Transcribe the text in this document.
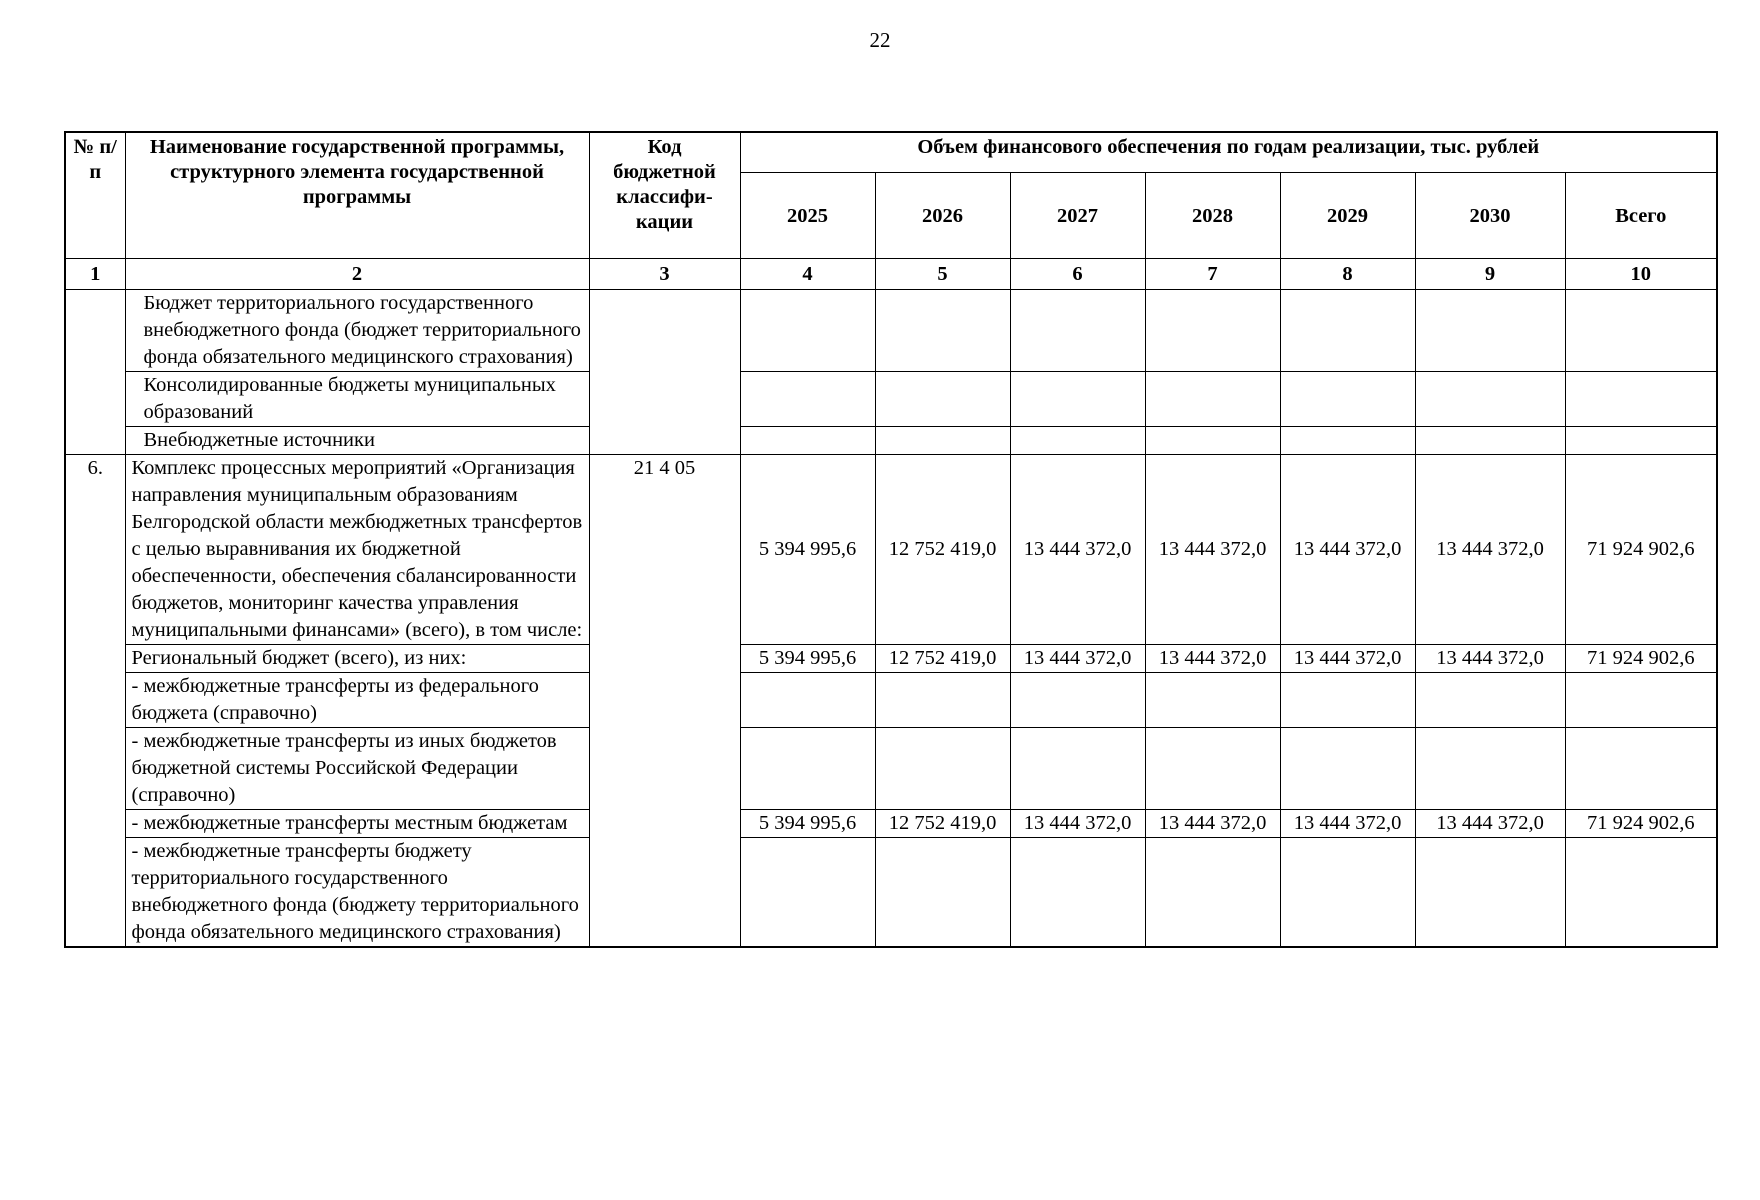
22
№ п/п	Наименование государственной программы, структурного элемента государственной программы	Код бюджетной классифи-кации	Объем финансового обеспечения по годам реализации, тыс. рублей						
			2025	2026	2027	2028	2029	2030	Всего
1	2	3	4	5	6	7	8	9	10
	Бюджет территориального государственного внебюджетного фонда (бюджет территориального фонда обязательного медицинского страхования)								
	Консолидированные бюджеты муниципальных образований								
	Внебюджетные источники								
6.	Комплекс процессных мероприятий «Организация направления муниципальным образованиям Белгородской области межбюджетных трансфертов с целью выравнивания их бюджетной обеспеченности, обеспечения сбалансированности бюджетов, мониторинг качества управления муниципальными финансами» (всего), в том числе:	21 4 05	5 394 995,6	12 752 419,0	13 444 372,0	13 444 372,0	13 444 372,0	13 444 372,0	71 924 902,6
	Региональный бюджет (всего), из них:		5 394 995,6	12 752 419,0	13 444 372,0	13 444 372,0	13 444 372,0	13 444 372,0	71 924 902,6
	- межбюджетные трансферты из федерального бюджета (справочно)								
	- межбюджетные трансферты из иных бюджетов бюджетной системы Российской Федерации (справочно)								
	- межбюджетные трансферты местным бюджетам		5 394 995,6	12 752 419,0	13 444 372,0	13 444 372,0	13 444 372,0	13 444 372,0	71 924 902,6
	- межбюджетные трансферты бюджету территориального государственного внебюджетного фонда (бюджету территориального фонда обязательного медицинского страхования)								
